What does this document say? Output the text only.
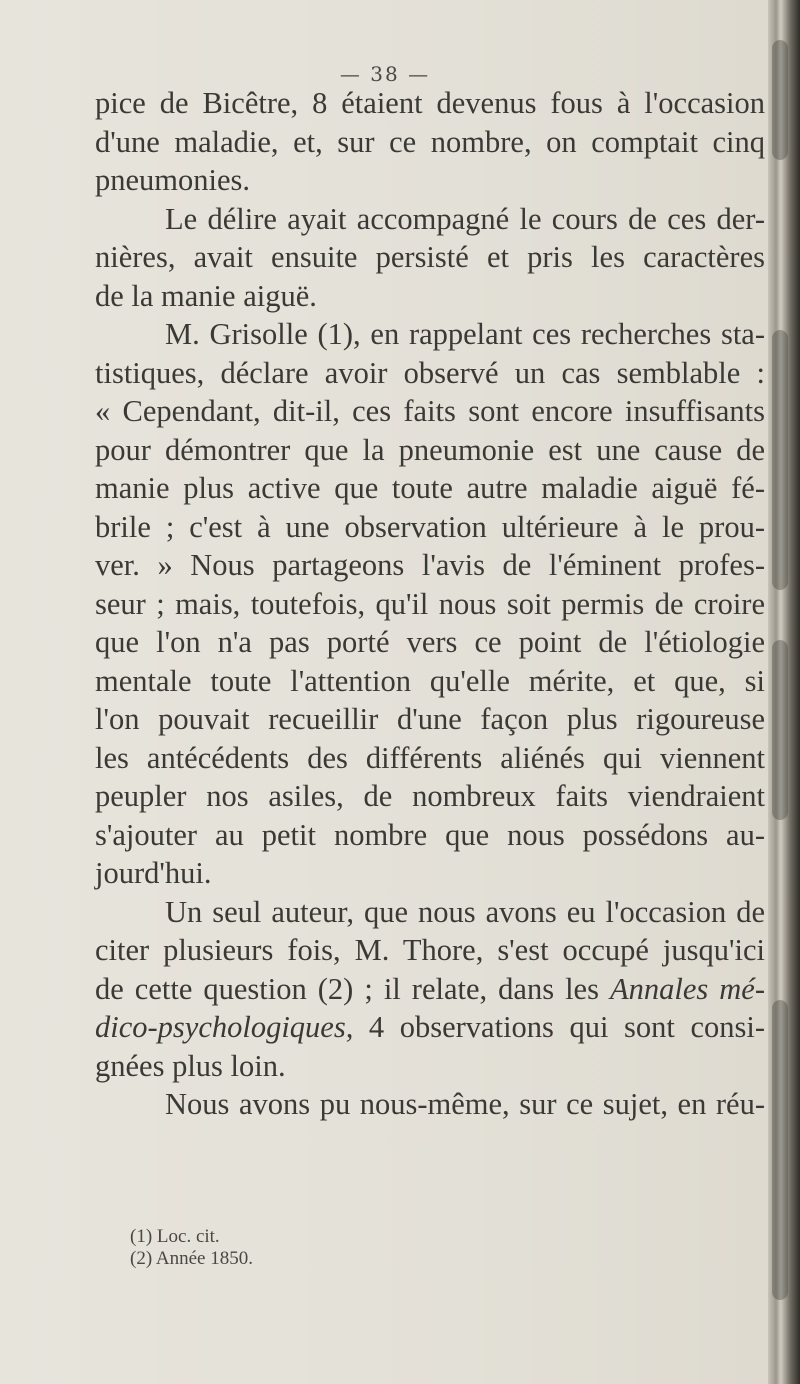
— 38 —

pice de Bicêtre, 8 étaient devenus fous à l'occasion
d'une maladie, et, sur ce nombre, on comptait cinq
pneumonies.

Le délire ayait accompagné le cours de ces der-
nières, avait ensuite persisté et pris les caractères
de la manie aiguë.

M. Grisolle (1), en rappelant ces recherches sta-
tistiques, déclare avoir observé un cas semblable :
« Cependant, dit-il, ces faits sont encore insuffisants
pour démontrer que la pneumonie est une cause de
manie plus active que toute autre maladie aiguë fé-
brile ; c'est à une observation ultérieure à le prou-
ver. » Nous partageons l'avis de l'éminent profes-
seur ; mais, toutefois, qu'il nous soit permis de croire
que l'on n'a pas porté vers ce point de l'étiologie
mentale toute l'attention qu'elle mérite, et que, si
l'on pouvait recueillir d'une façon plus rigoureuse
les antécédents des différents aliénés qui viennent
peupler nos asiles, de nombreux faits viendraient
s'ajouter au petit nombre que nous possédons au-
jourd'hui.

Un seul auteur, que nous avons eu l'occasion de
citer plusieurs fois, M. Thore, s'est occupé jusqu'ici
de cette question (2) ; il relate, dans les Annales mé-
dico-psychologiques, 4 observations qui sont consi-
gnées plus loin.

Nous avons pu nous-même, sur ce sujet, en réu-

(1) Loc. cit.
(2) Année 1850.
